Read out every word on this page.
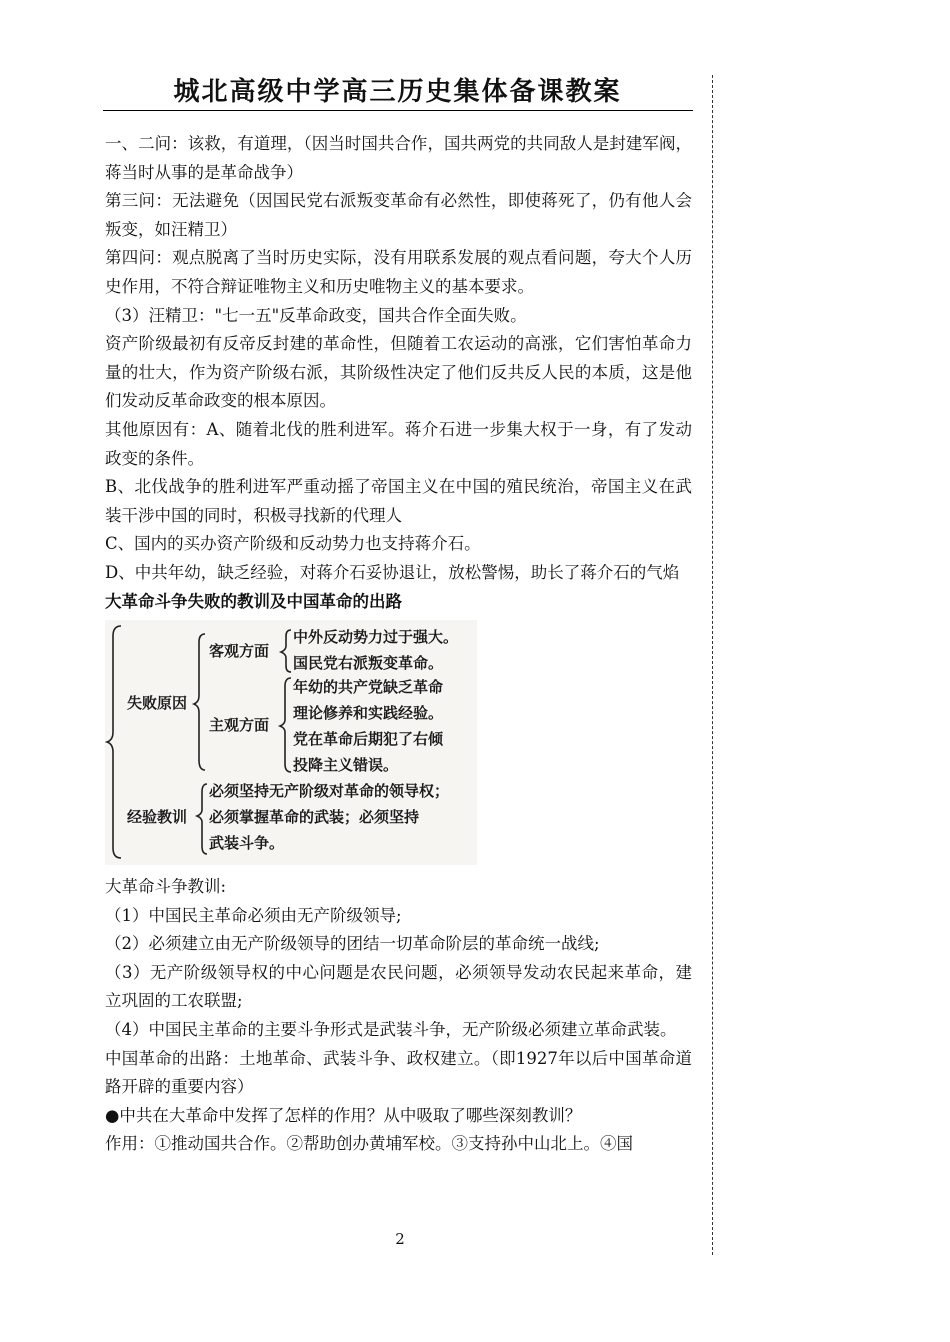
城北高级中学高三历史集体备课教案

一、二问：该救，有道理，（因当时国共合作，国共两党的共同敌人是封建军阀，蒋当时从事的是革命战争）

第三问：无法避免（因国民党右派叛变革命有必然性，即使蒋死了，仍有他人会 叛变，如汪精卫）

第四问：观点脱离了当时历史实际，没有用联系发展的观点看问题，夸大个人历史作用，不符合辩证唯物主义和历史唯物主义的基本要求。

（3）汪精卫："七一五"反革命政变，国共合作全面失败。

资产阶级最初有反帝反封建的革命性，但随着工农运动的高涨，它们害怕革命力量的壮大，作为资产阶级右派，其阶级性决定了他们反共反人民的本质，这是他们发动反革命政变的根本原因。

其他原因有：A、随着北伐的胜利进军。蒋介石进一步集大权于一身，有了发动政变的条件。

B、北伐战争的胜利进军严重动摇了帝国主义在中国的殖民统治，帝国主义在武装干涉中国的同时，积极寻找新的代理人

C、国内的买办资产阶级和反动势力也支持蒋介石。

D、中共年幼，缺乏经验，对蒋介石妥协退让，放松警惕，助长了蒋介石的气焰

大革命斗争失败的教训及中国革命的出路

失败原因
客观方面
中外反动势力过于强大。
国民党右派叛变革命。
主观方面
年幼的共产党缺乏革命
理论修养和实践经验。
党在革命后期犯了右倾
投降主义错误。
经验教训
必须坚持无产阶级对革命的领导权；
必须掌握革命的武装；必须坚持
武装斗争。

大革命斗争教训:

（1）中国民主革命必须由无产阶级领导;

（2）必须建立由无产阶级领导的团结一切革命阶层的革命统一战线;

（3）无产阶级领导权的中心问题是农民问题，必须领导发动农民起来革命，建立巩固的工农联盟;

（4）中国民主革命的主要斗争形式是武装斗争，无产阶级必须建立革命武装。

中国革命的出路：土地革命、武装斗争、政权建立。（即1927年以后中国革命道路开辟的重要内容）

●中共在大革命中发挥了怎样的作用？从中吸取了哪些深刻教训？

作用：①推动国共合作。②帮助创办黄埔军校。③支持孙中山北上。④国

2
